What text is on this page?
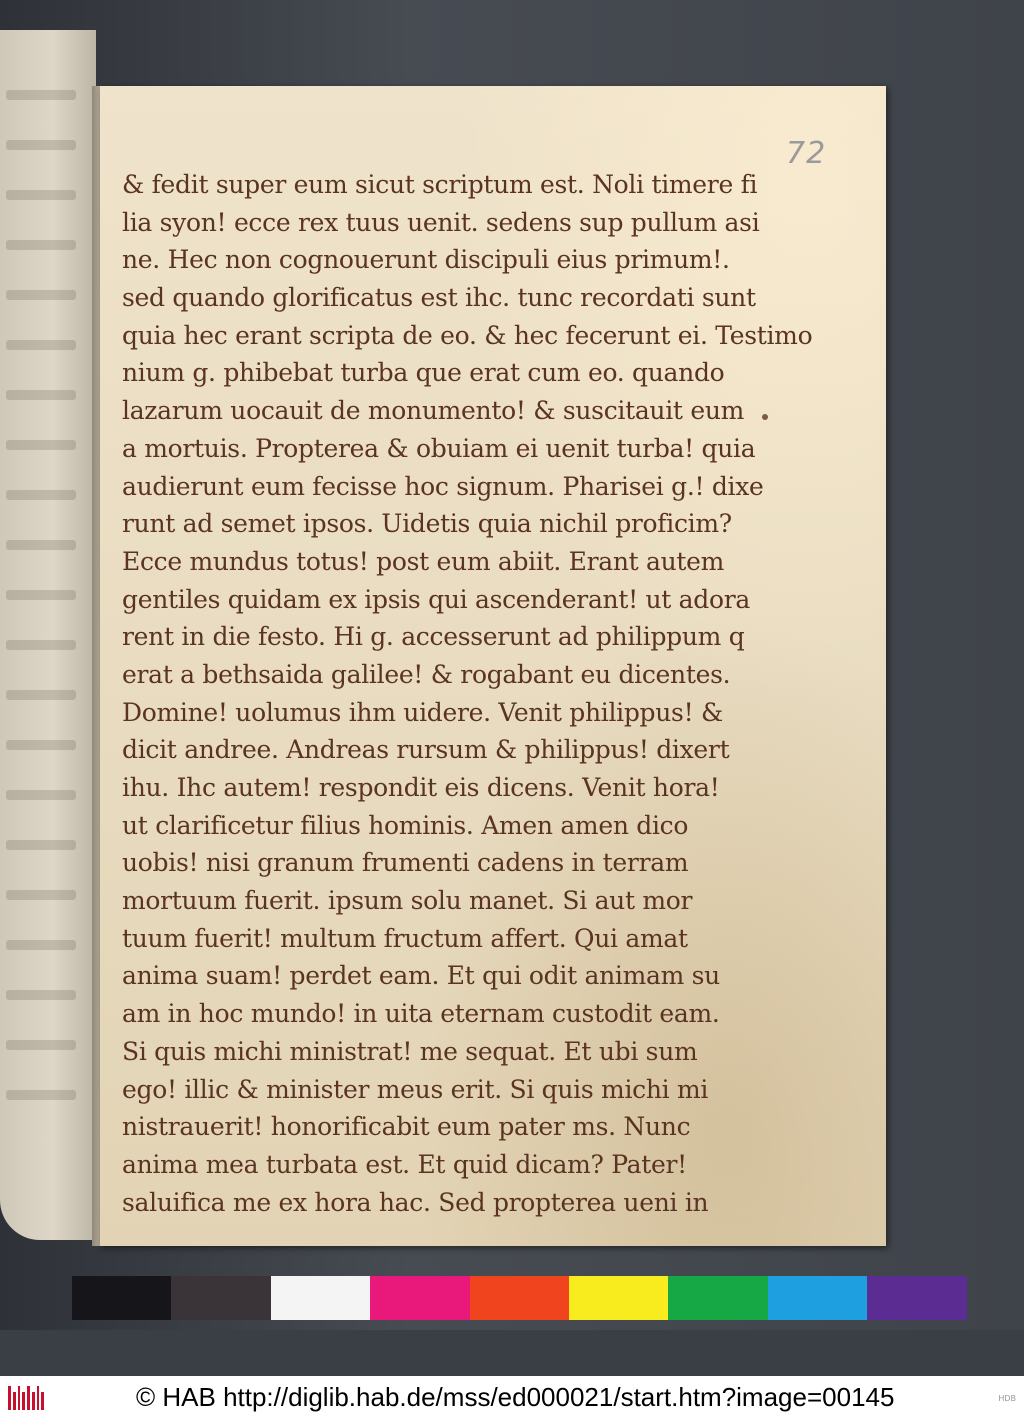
72
& fedit super eum sicut scriptum est. Noli timere fi
lia syon! ecce rex tuus uenit. sedens sup pullum asi
ne. Hec non cognouerunt discipuli eius primum!.
sed quando glorificatus est ihc. tunc recordati sunt
quia hec erant scripta de eo. & hec fecerunt ei. Testimo
nium g. phibebat turba que erat cum eo. quando
lazarum uocauit de monumento! & suscitauit eum
a mortuis. Propterea & obuiam ei uenit turba! quia
audierunt eum fecisse hoc signum. Pharisei g.! dixe
runt ad semet ipsos. Uidetis quia nichil proficim?
Ecce mundus totus! post eum abiit. Erant autem
gentiles quidam ex ipsis qui ascenderant! ut adora
rent in die festo. Hi g. accesserunt ad philippum q
erat a bethsaida galilee! & rogabant eu dicentes.
Domine! uolumus ihm uidere. Venit philippus! &
dicit andree. Andreas rursum & philippus! dixert
ihu. Ihc autem! respondit eis dicens. Venit hora!
ut clarificetur filius hominis. Amen amen dico
uobis! nisi granum frumenti cadens in terram
mortuum fuerit. ipsum solu manet. Si aut mor
tuum fuerit! multum fructum affert. Qui amat
anima suam! perdet eam. Et qui odit animam su
am in hoc mundo! in uita eternam custodit eam.
Si quis michi ministrat! me sequat. Et ubi sum
ego! illic & minister meus erit. Si quis michi mi
nistrauerit! honorificabit eum pater ms. Nunc
anima mea turbata est. Et quid dicam? Pater!
saluifica me ex hora hac. Sed propterea ueni in
© HAB http://diglib.hab.de/mss/ed000021/start.htm?image=00145	HDB
